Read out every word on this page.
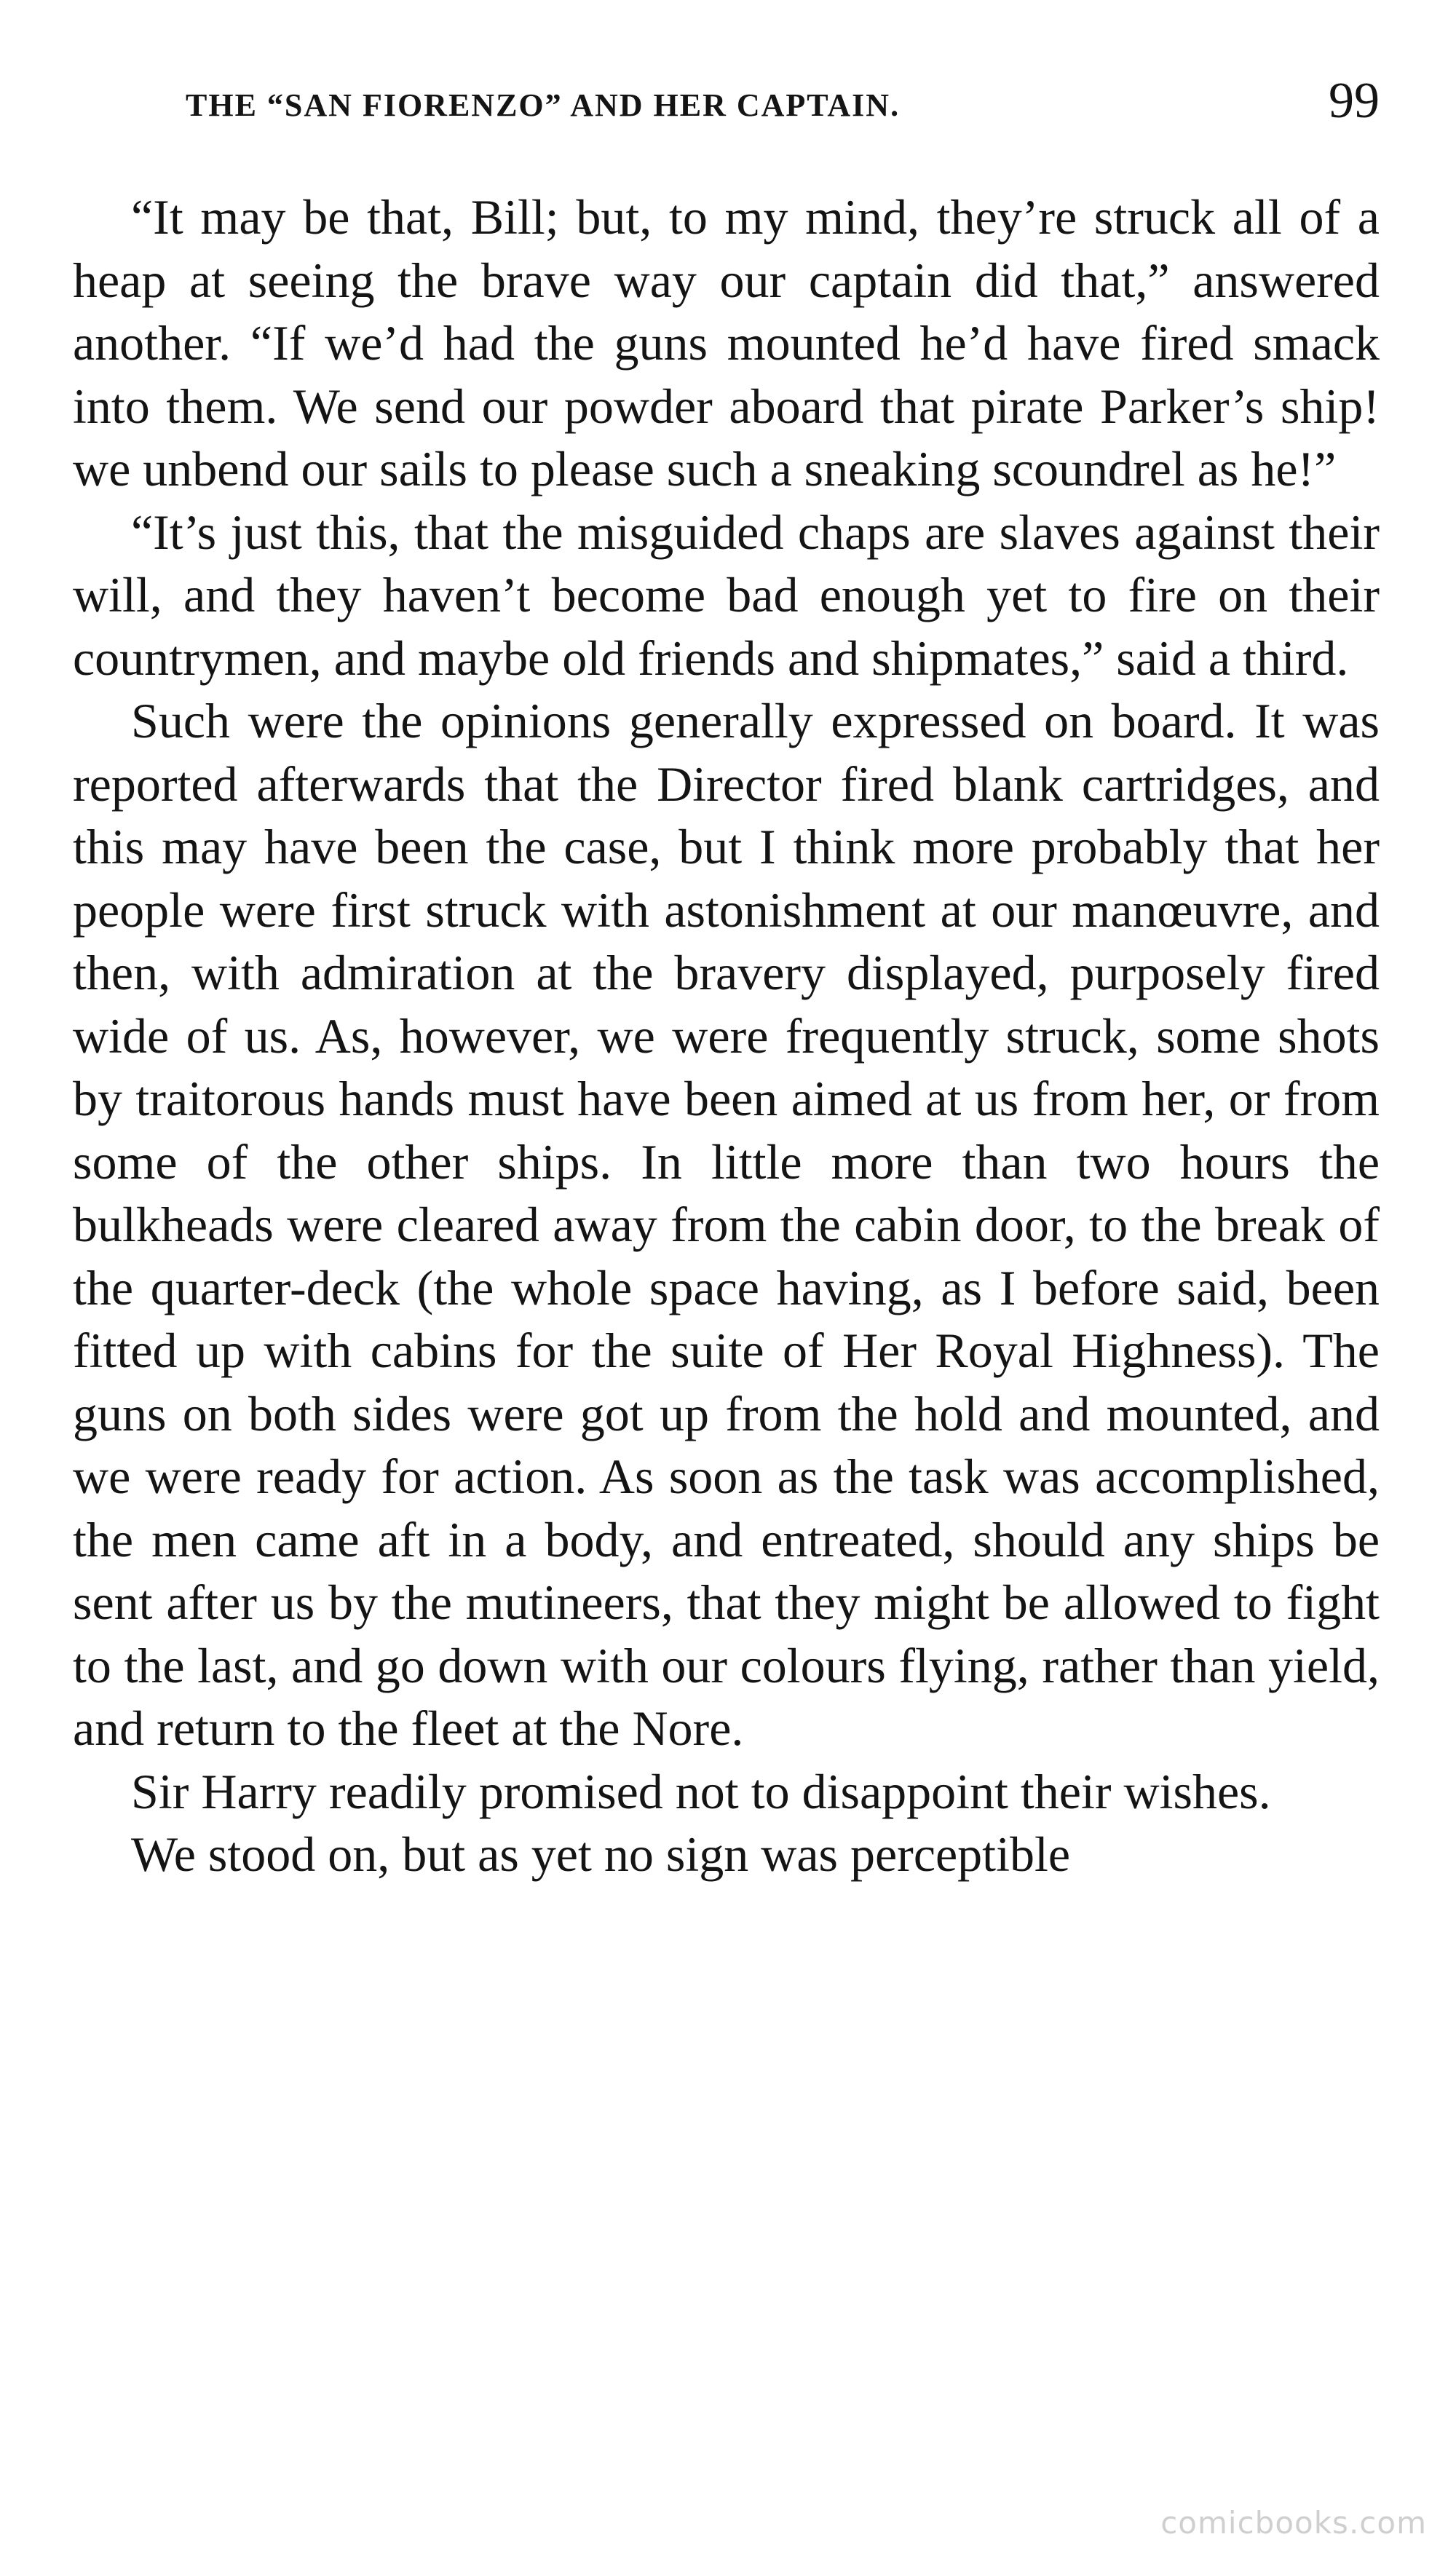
THE “SAN FIORENZO” AND HER CAPTAIN.	99

“It may be that, Bill; but, to my mind, they’re struck all of a heap at seeing the brave way our captain did that,” answered another. “If we’d had the guns mounted he’d have fired smack into them. We send our powder aboard that pirate Parker’s ship! we unbend our sails to please such a sneaking scoundrel as he!”

“It’s just this, that the misguided chaps are slaves against their will, and they haven’t become bad enough yet to fire on their countrymen, and maybe old friends and shipmates,” said a third.

Such were the opinions generally expressed on board. It was reported afterwards that the Director fired blank cartridges, and this may have been the case, but I think more probably that her people were first struck with astonishment at our manœuvre, and then, with admiration at the bravery displayed, purposely fired wide of us. As, however, we were frequently struck, some shots by traitorous hands must have been aimed at us from her, or from some of the other ships. In little more than two hours the bulkheads were cleared away from the cabin door, to the break of the quarter-deck (the whole space having, as I before said, been fitted up with cabins for the suite of Her Royal Highness). The guns on both sides were got up from the hold and mounted, and we were ready for action. As soon as the task was accomplished, the men came aft in a body, and entreated, should any ships be sent after us by the mutineers, that they might be allowed to fight to the last, and go down with our colours flying, rather than yield, and return to the fleet at the Nore.

Sir Harry readily promised not to disappoint their wishes.

We stood on, but as yet no sign was perceptible

comicbooks.com
